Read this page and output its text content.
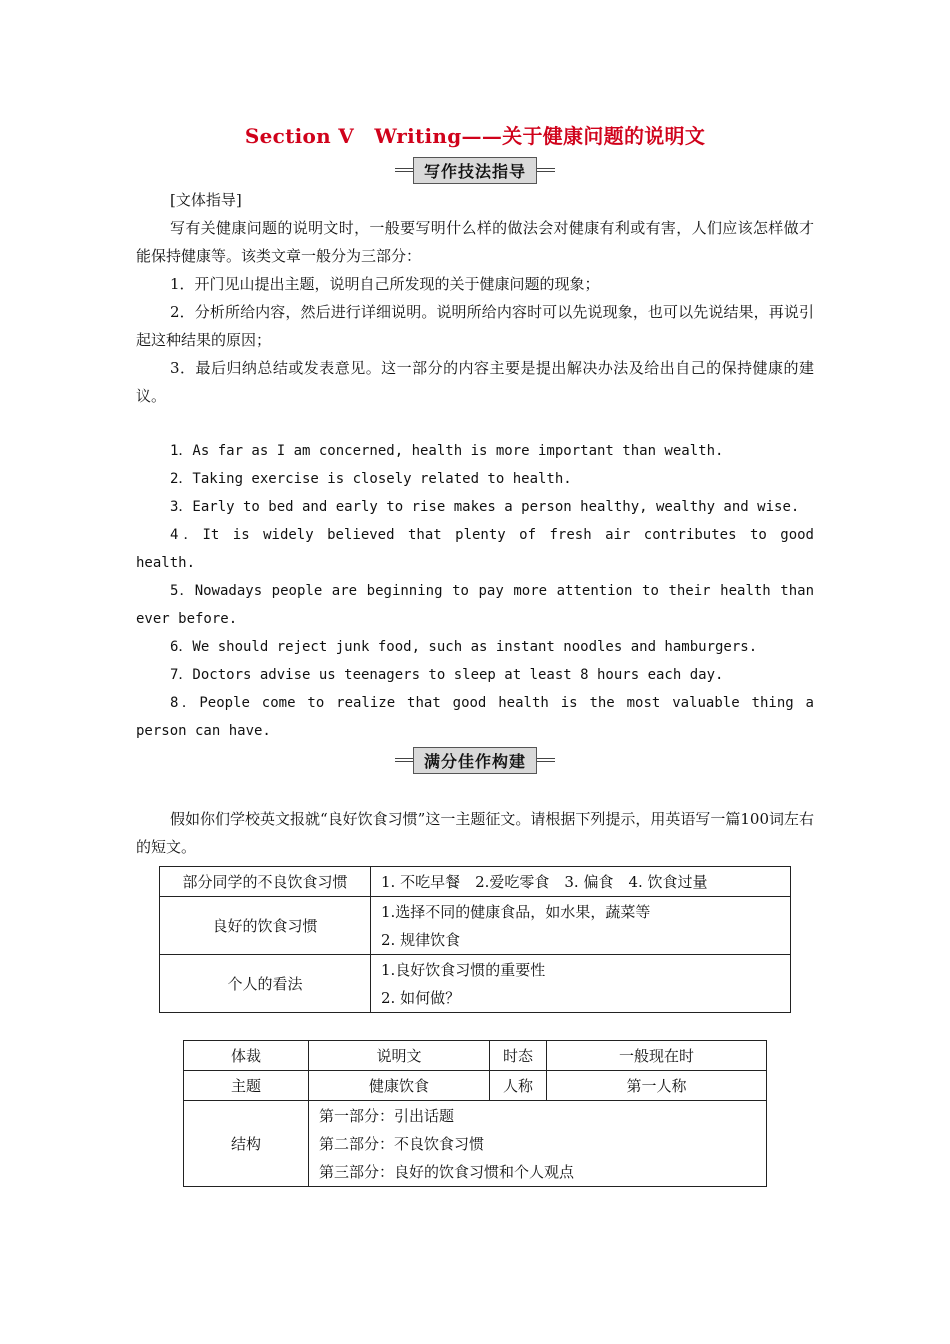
Section Ⅴ　Writing——关于健康问题的说明文
写作技法指导

[文体指导]

写有关健康问题的说明文时，一般要写明什么样的做法会对健康有利或有害，人们应该怎样做才能保持健康等。该类文章一般分为三部分：

1．开门见山提出主题，说明自己所发现的关于健康问题的现象；

2．分析所给内容，然后进行详细说明。说明所给内容时可以先说现象，也可以先说结果，再说引起这种结果的原因；

3．最后归纳总结或发表意见。这一部分的内容主要是提出解决办法及给出自己的保持健康的建议。

1．As far as I am concerned, health is more important than wealth.

2．Taking exercise is closely related to health.

3．Early to bed and early to rise makes a person healthy, wealthy and wise.

4．It is widely believed that plenty of fresh air contributes to good health.

5．Nowadays people are beginning to pay more attention to their health than ever before.

6．We should reject junk food, such as instant noodles and hamburgers.

7．Doctors advise us teenagers to sleep at least 8 hours each day.

8．People come to realize that good health is the most valuable thing a person can have.

满分佳作构建

假如你们学校英文报就“良好饮食习惯”这一主题征文。请根据下列提示，用英语写一篇100词左右的短文。

部分同学的不良饮食习惯	1. 不吃早餐　2.爱吃零食　3. 偏食　4. 饮食过量
良好的饮食习惯	1.选择不同的健康食品，如水果，蔬菜等
2. 规律饮食

个人的看法	1.良好饮食习惯的重要性
2. 如何做？
体裁	说明文	时态	一般现在时
主题	健康饮食	人称	第一人称
结构	第一部分：引出话题
第二部分：不良饮食习惯
第三部分：良好的饮食习惯和个人观点		
